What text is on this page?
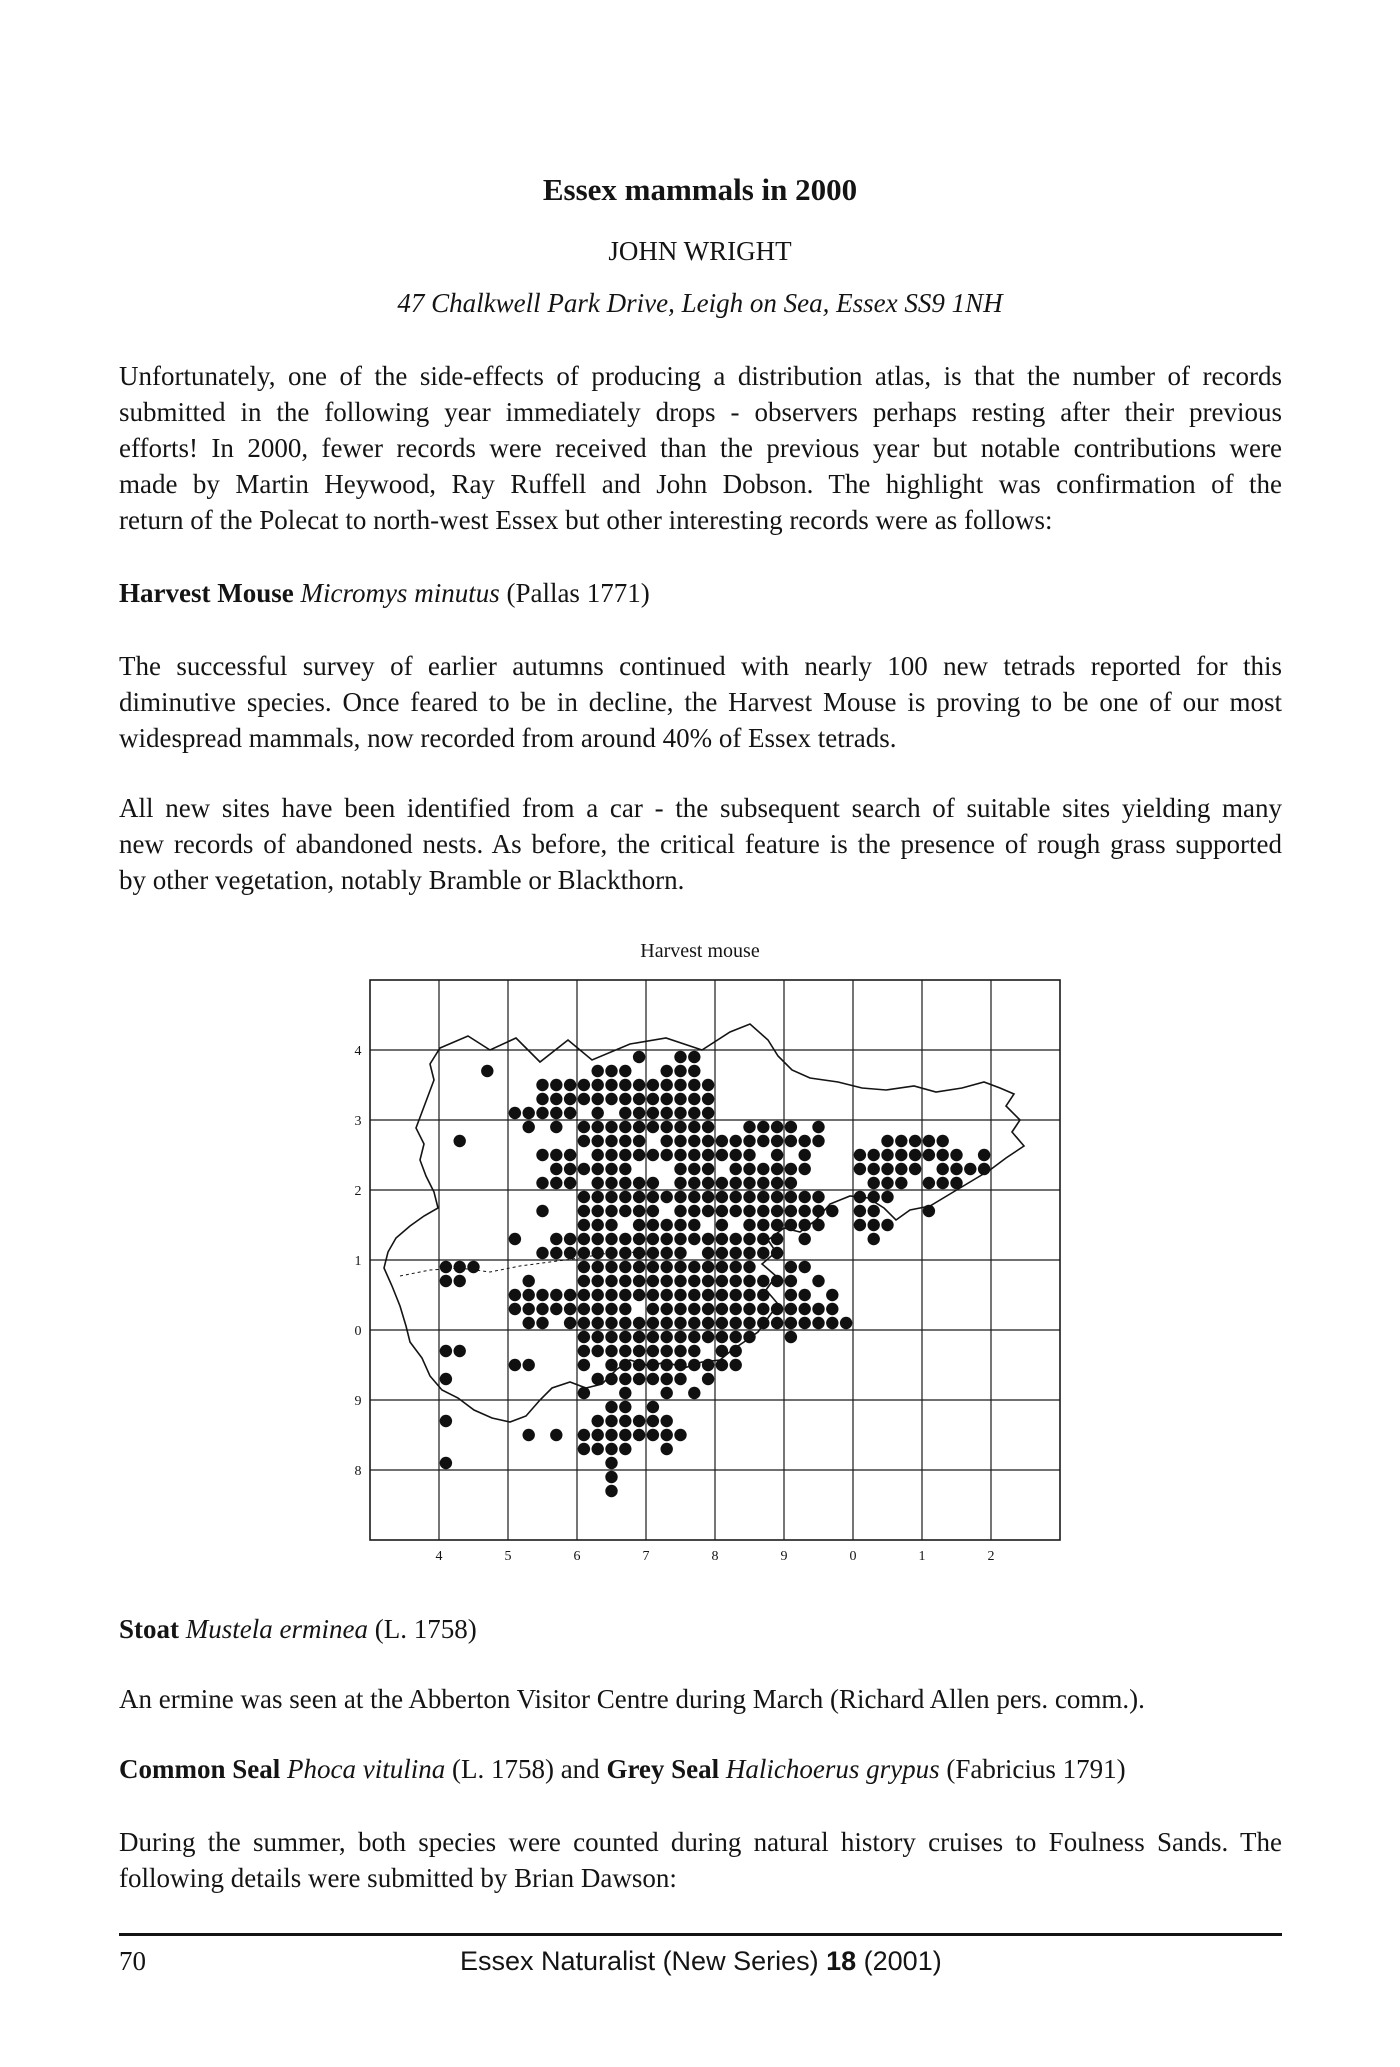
Essex mammals in 2000
JOHN WRIGHT
47 Chalkwell Park Drive, Leigh on Sea, Essex SS9 1NH

Unfortunately, one of the side-effects of producing a distribution atlas, is that the number of records
submitted in the following year immediately drops - observers perhaps resting after their previous
efforts! In 2000, fewer records were received than the previous year but notable contributions were
made by Martin Heywood, Ray Ruffell and John Dobson. The highlight was confirmation of the
return of the Polecat to north-west Essex but other interesting records were as follows:

Harvest Mouse Micromys minutus (Pallas 1771)

The successful survey of earlier autumns continued with nearly 100 new tetrads reported for this
diminutive species. Once feared to be in decline, the Harvest Mouse is proving to be one of our most
widespread mammals, now recorded from around 40% of Essex tetrads.

All new sites have been identified from a car - the subsequent search of suitable sites yielding many
new records of abandoned nests. As before, the critical feature is the presence of rough grass supported
by other vegetation, notably Bramble or Blackthorn.

Harvest mouse
4	5	6	7	8	9	0	1	2
4
3
2
1
0
9
8

Stoat Mustela erminea (L. 1758)

An ermine was seen at the Abberton Visitor Centre during March (Richard Allen pers. comm.).

Common Seal Phoca vitulina (L. 1758) and Grey Seal Halichoerus grypus (Fabricius 1791)

During the summer, both species were counted during natural history cruises to Foulness Sands. The
following details were submitted by Brian Dawson:

70	Essex Naturalist (New Series) 18 (2001)
